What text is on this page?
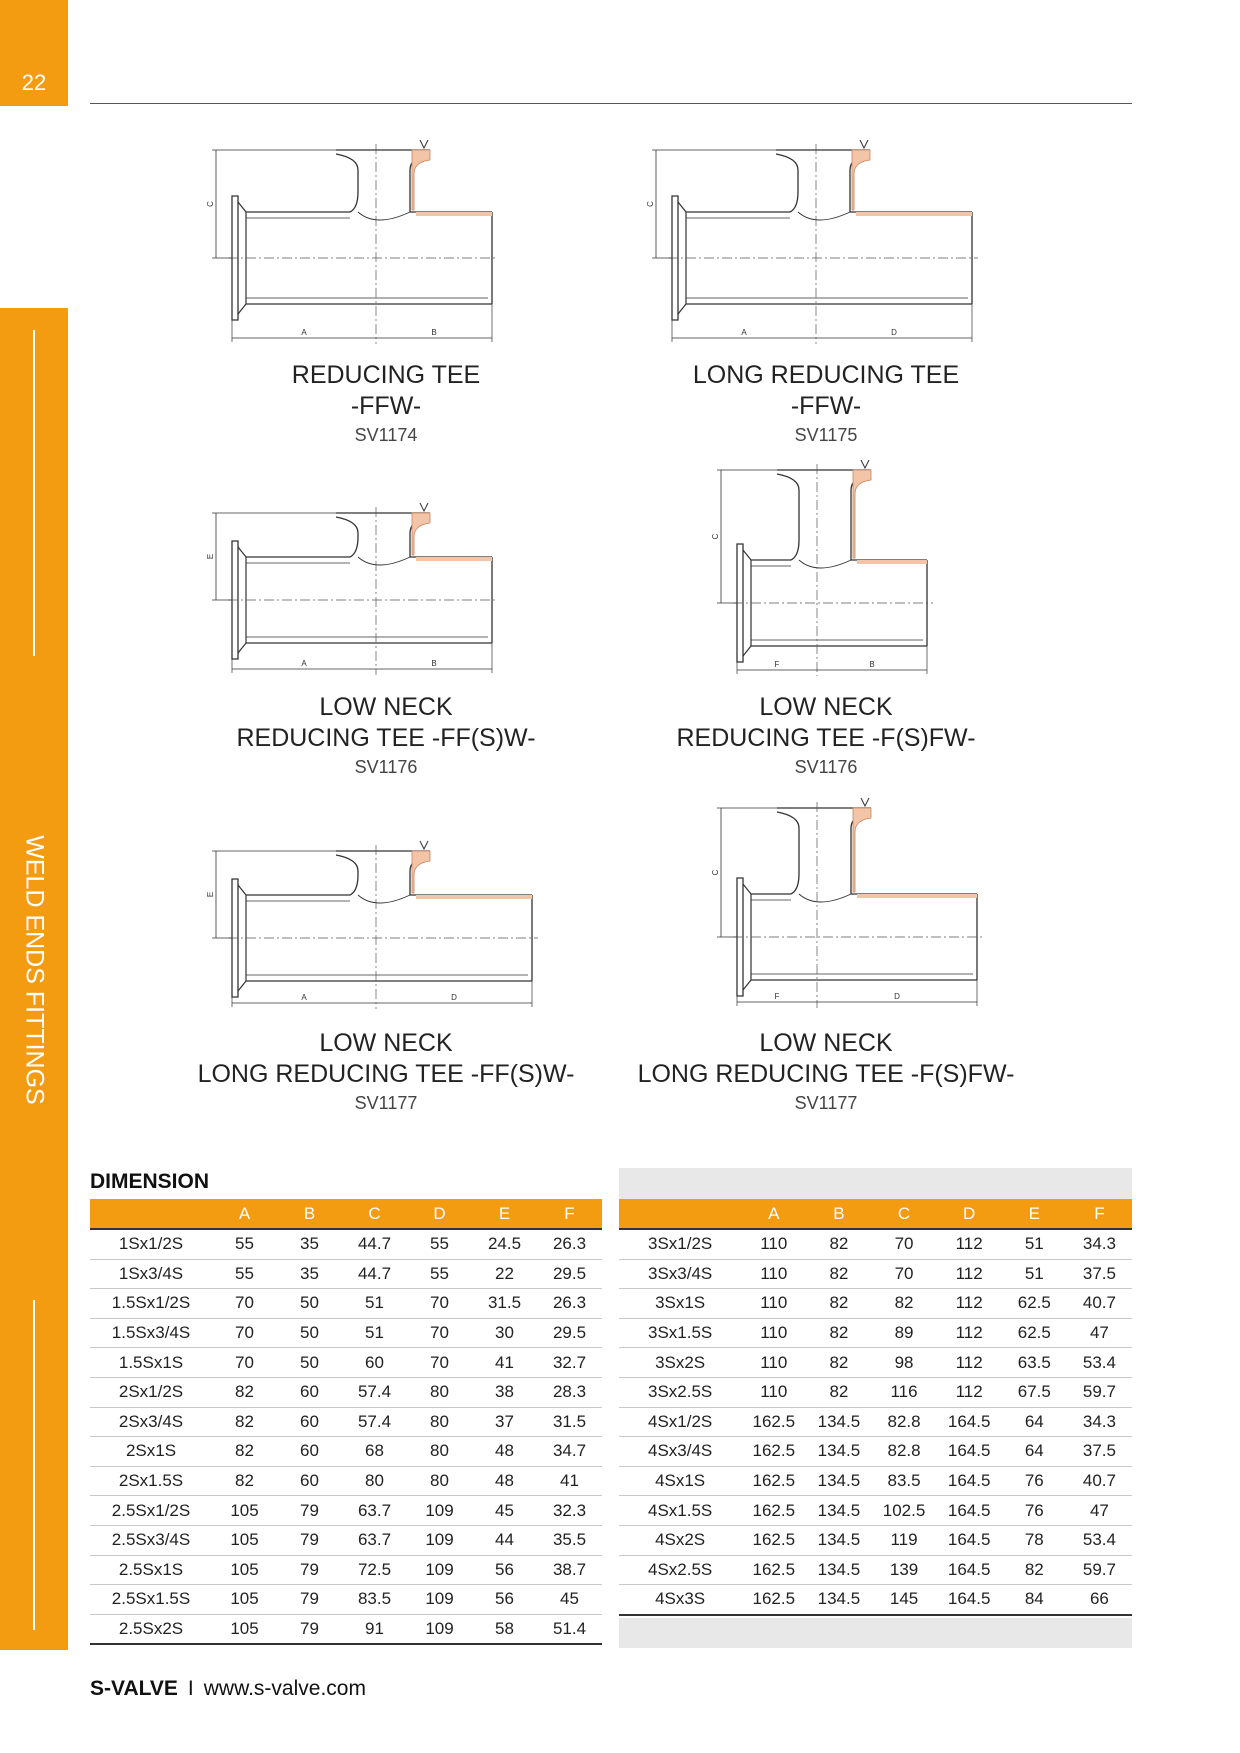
22
WELD ENDS FITTINGS
A	B
C
A	D
C
A	B
E
F	B
C
A	D
E
F	D
C
REDUCING TEE
-FFW-
SV1174
LONG REDUCING TEE
-FFW-
SV1175
LOW NECK
REDUCING TEE -FF(S)W-
SV1176
LOW NECK
REDUCING TEE -F(S)FW-
SV1176
LOW NECK
LONG REDUCING TEE -FF(S)W-
SV1177
LOW NECK
LONG REDUCING TEE -F(S)FW-
SV1177
DIMENSION
	A	B	C	D	E	F
1Sx1/2S	55	35	44.7	55	24.5	26.3
1Sx3/4S	55	35	44.7	55	22	29.5
1.5Sx1/2S	70	50	51	70	31.5	26.3
1.5Sx3/4S	70	50	51	70	30	29.5
1.5Sx1S	70	50	60	70	41	32.7
2Sx1/2S	82	60	57.4	80	38	28.3
2Sx3/4S	82	60	57.4	80	37	31.5
2Sx1S	82	60	68	80	48	34.7
2Sx1.5S	82	60	80	80	48	41
2.5Sx1/2S	105	79	63.7	109	45	32.3
2.5Sx3/4S	105	79	63.7	109	44	35.5
2.5Sx1S	105	79	72.5	109	56	38.7
2.5Sx1.5S	105	79	83.5	109	56	45
2.5Sx2S	105	79	91	109	58	51.4
	A	B	C	D	E	F
3Sx1/2S	110	82	70	112	51	34.3
3Sx3/4S	110	82	70	112	51	37.5
3Sx1S	110	82	82	112	62.5	40.7
3Sx1.5S	110	82	89	112	62.5	47
3Sx2S	110	82	98	112	63.5	53.4
3Sx2.5S	110	82	116	112	67.5	59.7
4Sx1/2S	162.5	134.5	82.8	164.5	64	34.3
4Sx3/4S	162.5	134.5	82.8	164.5	64	37.5
4Sx1S	162.5	134.5	83.5	164.5	76	40.7
4Sx1.5S	162.5	134.5	102.5	164.5	76	47
4Sx2S	162.5	134.5	119	164.5	78	53.4
4Sx2.5S	162.5	134.5	139	164.5	82	59.7
4Sx3S	162.5	134.5	145	164.5	84	66
S-VALVE I www.s-valve.com
